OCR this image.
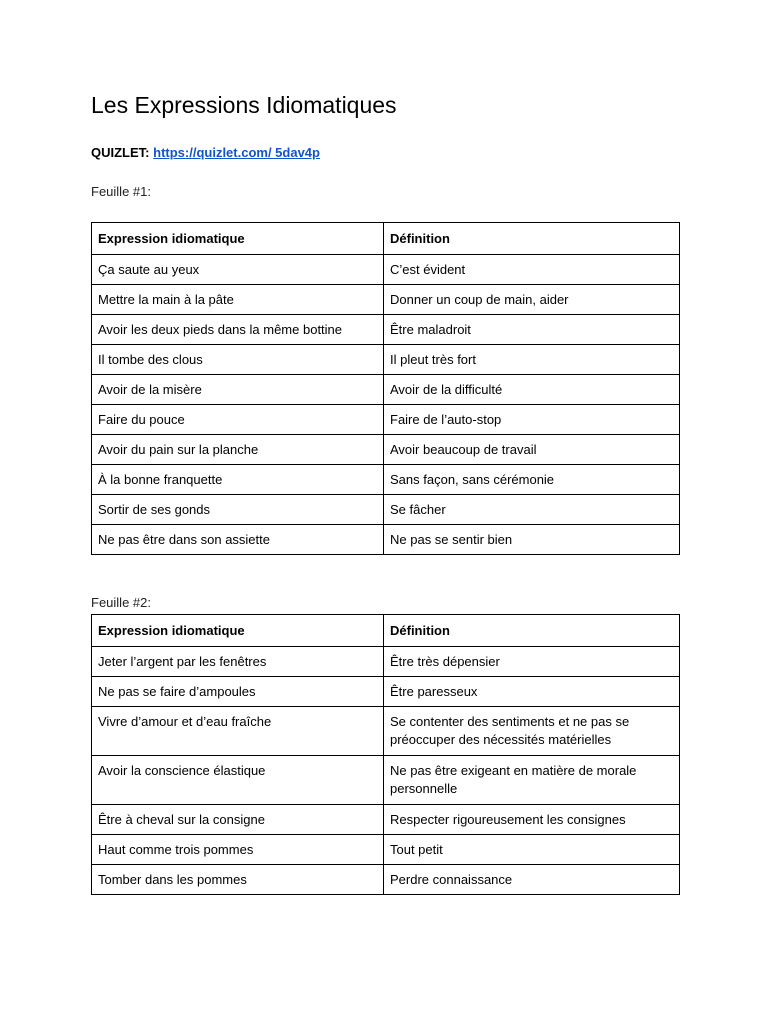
Les Expressions Idiomatiques
QUIZLET: https://quizlet.com/ 5dav4p
Feuille #1:
Expression idiomatique	Définition
Ça saute au yeux	C’est évident
Mettre la main à la pâte	Donner un coup de main, aider
Avoir les deux pieds dans la même bottine	Être maladroit
Il tombe des clous	Il pleut très fort
Avoir de la misère	Avoir de la difficulté
Faire du pouce	Faire de l’auto-stop
Avoir du pain sur la planche	Avoir beaucoup de travail
À la bonne franquette	Sans façon, sans cérémonie
Sortir de ses gonds	Se fâcher
Ne pas être dans son assiette	Ne pas se sentir bien
Feuille #2:
Expression idiomatique	Définition
Jeter l’argent par les fenêtres	Être très dépensier
Ne pas se faire d’ampoules	Être paresseux
Vivre d’amour et d’eau fraîche	Se contenter des sentiments et ne pas se préoccuper des nécessités matérielles
Avoir la conscience élastique	Ne pas être exigeant en matière de morale personnelle
Être à cheval sur la consigne	Respecter rigoureusement les consignes
Haut comme trois pommes	Tout petit
Tomber dans les pommes	Perdre connaissance
